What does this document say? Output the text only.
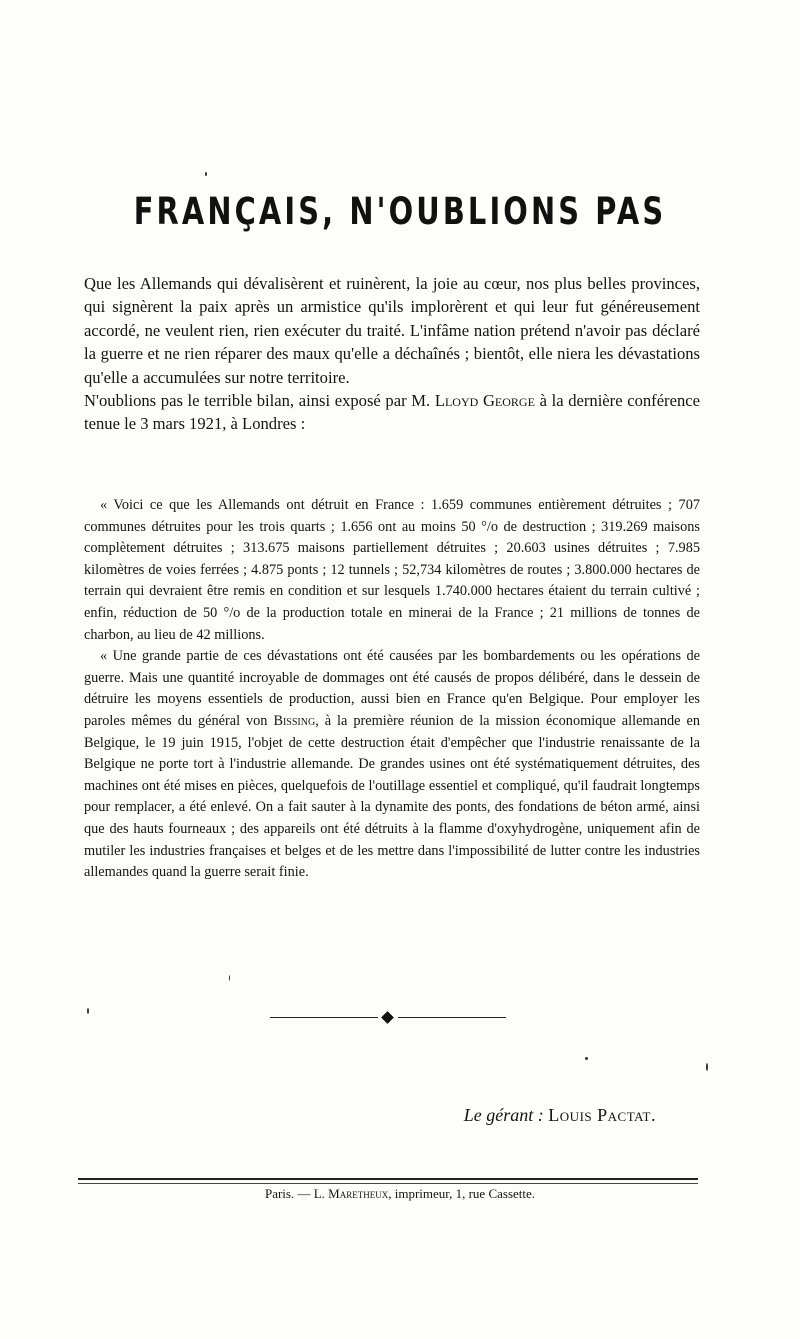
FRANÇAIS, N'OUBLIONS PAS

Que les Allemands qui dévalisèrent et ruinèrent, la joie au cœur, nos plus belles provinces, qui signèrent la paix après un armistice qu'ils implorèrent et qui leur fut généreusement accordé, ne veulent rien, rien exécuter du traité. L'infâme nation prétend n'avoir pas déclaré la guerre et ne rien réparer des maux qu'elle a déchaînés ; bientôt, elle niera les dévastations qu'elle a accumulées sur notre territoire.

N'oublions pas le terrible bilan, ainsi exposé par M. Lloyd George à la dernière conférence tenue le 3 mars 1921, à Londres :

« Voici ce que les Allemands ont détruit en France : 1.659 communes entièrement détruites ; 707 communes détruites pour les trois quarts ; 1.656 ont au moins 50 °/o de destruction ; 319.269 maisons complètement détruites ; 313.675 maisons partiellement détruites ; 20.603 usines détruites ; 7.985 kilomètres de voies ferrées ; 4.875 ponts ; 12 tunnels ; 52,734 kilomètres de routes ; 3.800.000 hectares de terrain qui devraient être remis en condition et sur lesquels 1.740.000 hectares étaient du terrain cultivé ; enfin, réduction de 50 °/o de la production totale en minerai de la France ; 21 millions de tonnes de charbon, au lieu de 42 millions.

« Une grande partie de ces dévastations ont été causées par les bombardements ou les opérations de guerre. Mais une quantité incroyable de dommages ont été causés de propos délibéré, dans le dessein de détruire les moyens essentiels de production, aussi bien en France qu'en Belgique. Pour employer les paroles mêmes du général von Bissing, à la première réunion de la mission économique allemande en Belgique, le 19 juin 1915, l'objet de cette destruction était d'empêcher que l'industrie renaissante de la Belgique ne porte tort à l'industrie allemande. De grandes usines ont été systématiquement détruites, des machines ont été mises en pièces, quelquefois de l'outillage essentiel et compliqué, qu'il faudrait longtemps pour remplacer, a été enlevé. On a fait sauter à la dynamite des ponts, des fondations de béton armé, ainsi que des hauts fourneaux ; des appareils ont été détruits à la flamme d'oxyhydrogène, uniquement afin de mutiler les industries françaises et belges et de les mettre dans l'impossibilité de lutter contre les industries allemandes quand la guerre serait finie.

Le gérant : Louis Pactat.
Paris. — L. Maretheux, imprimeur, 1, rue Cassette.
